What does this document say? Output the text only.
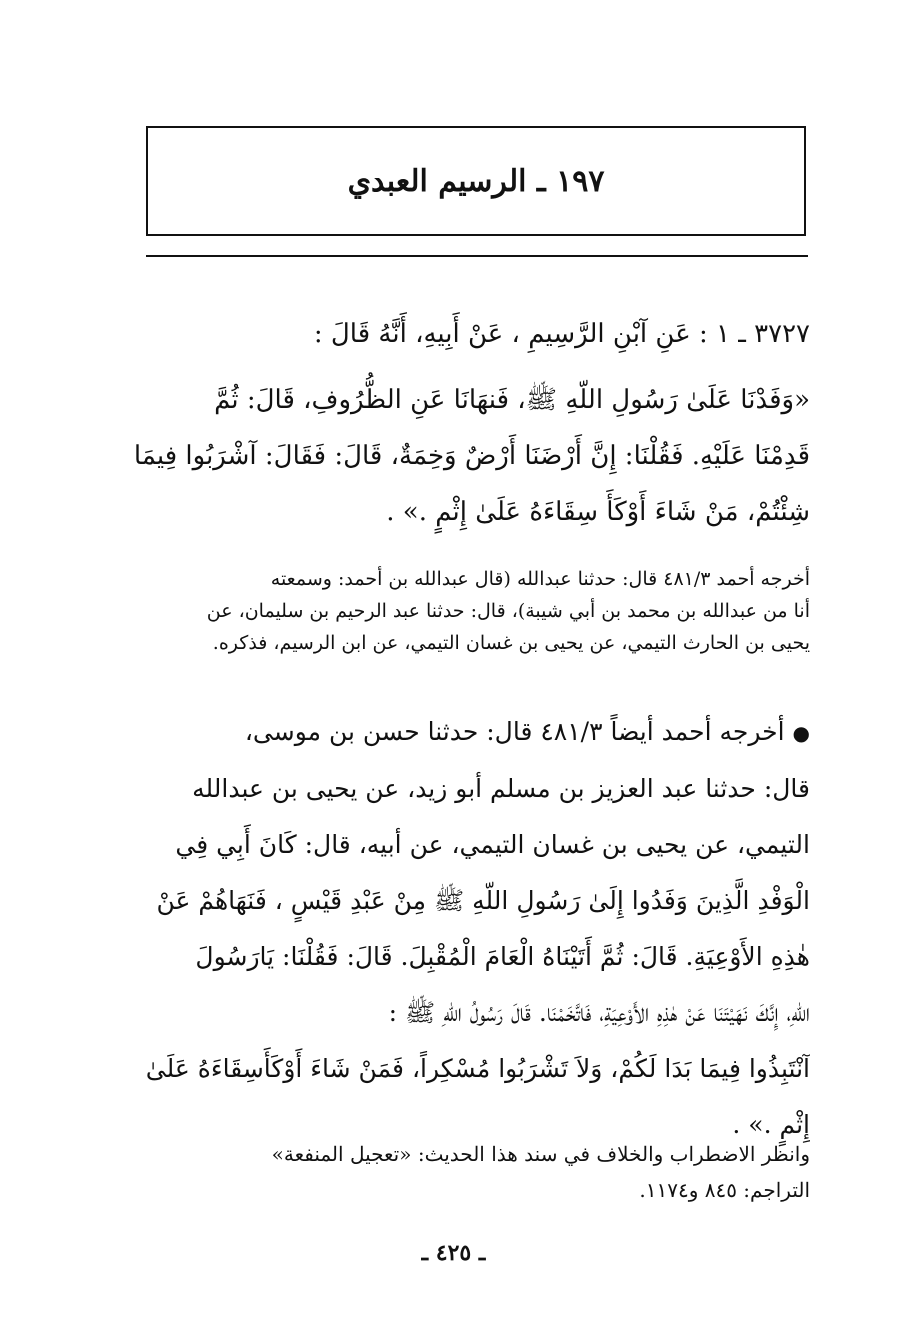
١٩٧ ـ الرسيم العبدي
٣٧٢٧ ـ ١ : عَنِ آبْنِ الرَّسِيمِ ، عَنْ أَبِيهِ، أَنَّهُ قَالَ :
«وَفَدْنَا عَلَىٰ رَسُولِ اللّهِ ﷺ، فَنهَانَا عَنِ الظُّرُوفِ، قَالَ: ثُمَّ
قَدِمْنَا عَلَيْهِ. فَقُلْنَا: إِنَّ أَرْضَنَا أَرْضٌ وَخِمَةٌ، قَالَ: فَقَالَ: آشْرَبُوا فِيمَا
شِئْتُمْ، مَنْ شَاءَ أَوْكَأَ سِقَاءَهُ عَلَىٰ إِثْمٍ .» .
أخرجه أحمد ٤٨١/٣ قال: حدثنا عبدالله (قال عبدالله بن أحمد: وسمعته
أنا من عبدالله بن محمد بن أبي شيبة)، قال: حدثنا عبد الرحيم بن سليمان، عن
يحيى بن الحارث التيمي، عن يحيى بن غسان التيمي، عن ابن الرسيم، فذكره.
● أخرجه أحمد أيضاً ٤٨١/٣ قال: حدثنا حسن بن موسى،
قال: حدثنا عبد العزيز بن مسلم أبو زيد، عن يحيى بن عبدالله
التيمي، عن يحيى بن غسان التيمي، عن أبيه، قال: كَانَ أَبِي فِي
الْوَفْدِ الَّذِينَ وَفَدُوا إِلَىٰ رَسُولِ اللّهِ ﷺ مِنْ عَبْدِ قَيْسٍ ، فَنَهَاهُمْ عَنْ
هٰذِهِ الأَوْعِيَةِ. قَالَ: ثُمَّ أَتَيْنَاهُ الْعَامَ الْمُقْبِلَ. قَالَ: فَقُلْنَا: يَارَسُولَ
اللّهِ، إِنَّكَ نَهَيْتَنَا عَنْ هٰذِهِ الأَوْعِيَةِ، فَاتَّخَمْنَا. قَالَ رَسُولُ اللّهِ ﷺ :
آنْتَبِذُوا فِيمَا بَدَا لَكُمْ، وَلاَ تَشْرَبُوا مُسْكِراً، فَمَنْ شَاءَ أَوْكَأَسِقَاءَهُ عَلَىٰ
إِثْمٍ .» .
وانظر الاضطراب والخلاف في سند هذا الحديث: «تعجيل المنفعة»
التراجم: ٨٤٥ و١١٧٤.
ـ ٤٢٥ ـ
